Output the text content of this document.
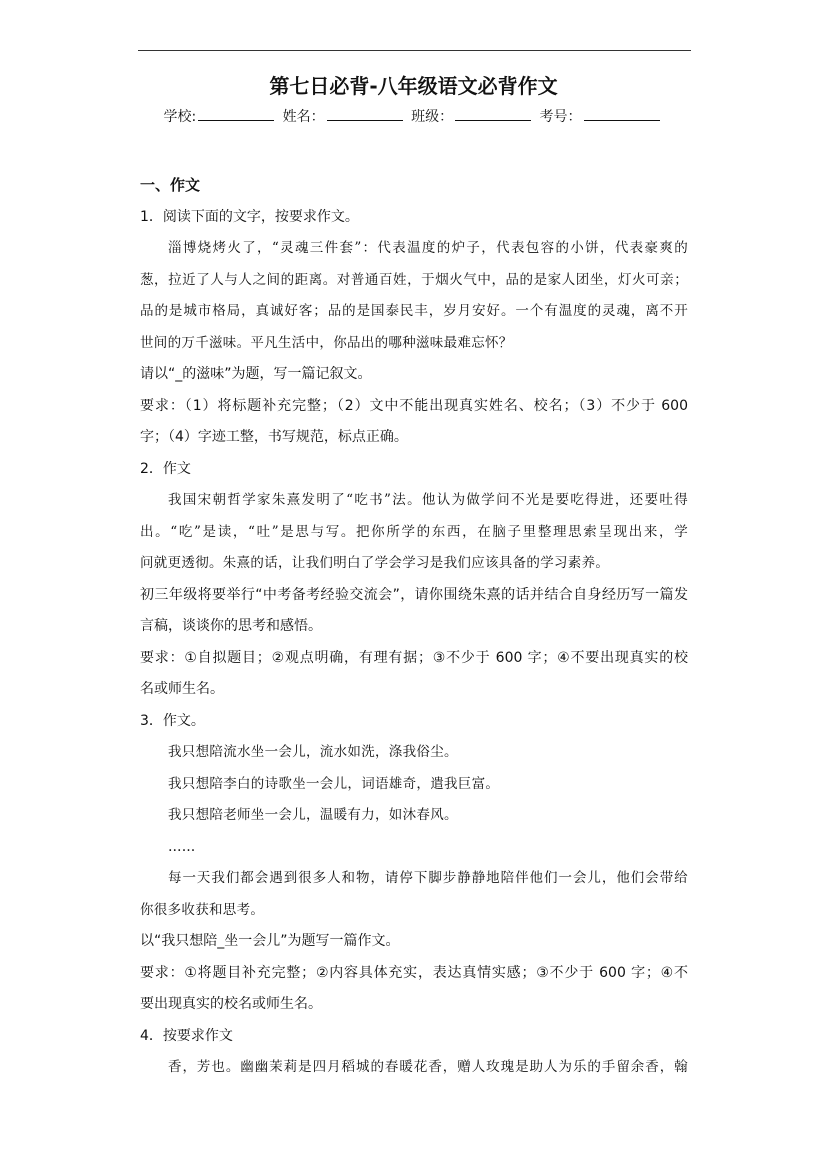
第七日必背-八年级语文必背作文
学校:	姓名：	班级：	考号：
一、作文
1．阅读下面的文字，按要求作文。
淄博烧烤火了，“灵魂三件套”：代表温度的炉子，代表包容的小饼，代表豪爽的
葱，拉近了人与人之间的距离。对普通百姓，于烟火气中，品的是家人团坐，灯火可亲；
品的是城市格局，真诚好客；品的是国泰民丰，岁月安好。一个有温度的灵魂，离不开
世间的万千滋味。平凡生活中，你品出的哪种滋味最难忘怀？
请以“_的滋味”为题，写一篇记叙文。
要求：（1）将标题补充完整；（2）文中不能出现真实姓名、校名；（3）不少于 600
字；（4）字迹工整，书写规范，标点正确。
2．作文
我国宋朝哲学家朱熹发明了“吃书”法。他认为做学问不光是要吃得进，还要吐得
出。“吃”是读，“吐”是思与写。把你所学的东西，在脑子里整理思索呈现出来，学
问就更透彻。朱熹的话，让我们明白了学会学习是我们应该具备的学习素养。
初三年级将要举行“中考备考经验交流会”，请你围绕朱熹的话并结合自身经历写一篇发
言稿，谈谈你的思考和感悟。
要求：①自拟题目；②观点明确，有理有据；③不少于 600 字；④不要出现真实的校
名或师生名。
3．作文。
我只想陪流水坐一会儿，流水如洗，涤我俗尘。
我只想陪李白的诗歌坐一会儿，词语雄奇，遣我巨富。
我只想陪老师坐一会儿，温暖有力，如沐春风。
……
每一天我们都会遇到很多人和物，请停下脚步静静地陪伴他们一会儿，他们会带给
你很多收获和思考。
以“我只想陪_坐一会儿”为题写一篇作文。
要求：①将题目补充完整；②内容具体充实，表达真情实感；③不少于 600 字；④不
要出现真实的校名或师生名。
4．按要求作文
香，芳也。幽幽茉莉是四月稻城的春暖花香，赠人玫瑰是助人为乐的手留余香，翰
